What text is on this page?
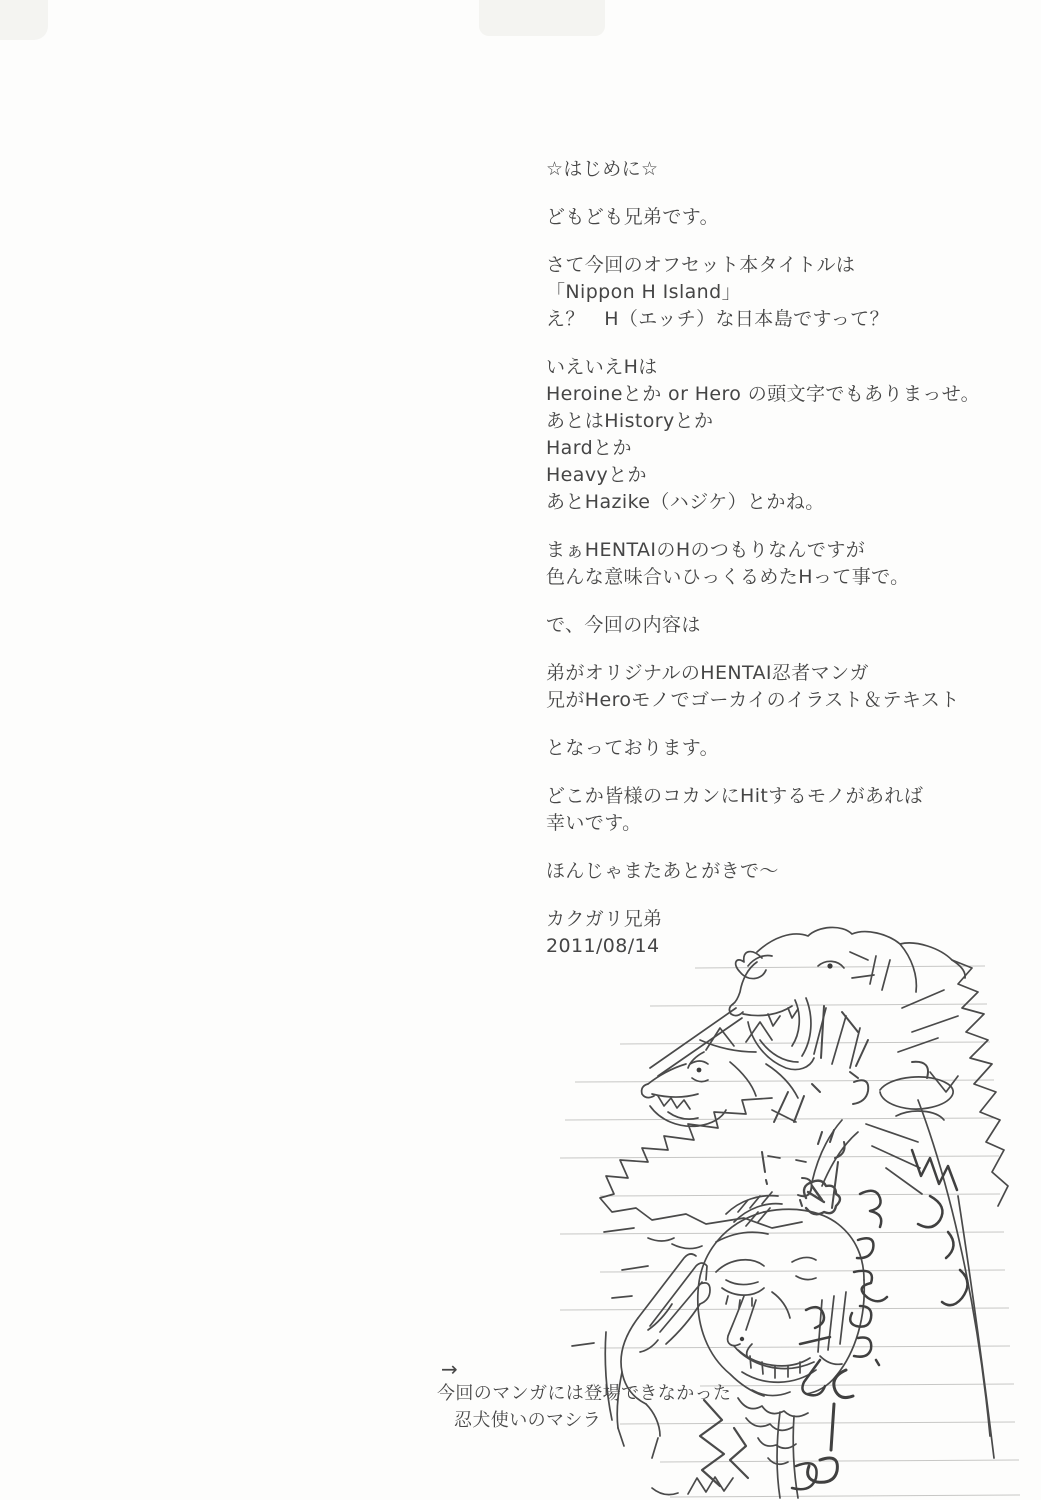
☆はじめに☆

どもども兄弟です。

さて今回のオフセット本タイトルは
「Nippon H Island」
え？　H（エッチ）な日本島ですって？

いえいえHは
Heroineとか or Hero の頭文字でもありまっせ。
あとはHistoryとか
Hardとか
Heavyとか
あとHazike（ハジケ）とかね。

まぁHENTAIのHのつもりなんですが
色んな意味合いひっくるめたHって事で。

で、今回の内容は

弟がオリジナルのHENTAI忍者マンガ
兄がHeroモノでゴーカイのイラスト＆テキスト

となっております。

どこか皆様のコカンにHitするモノがあれば
幸いです。

ほんじゃまたあとがきで～

カクガリ兄弟
2011/08/14

→
今回のマンガには登場できなかった
忍犬使いのマシラ
